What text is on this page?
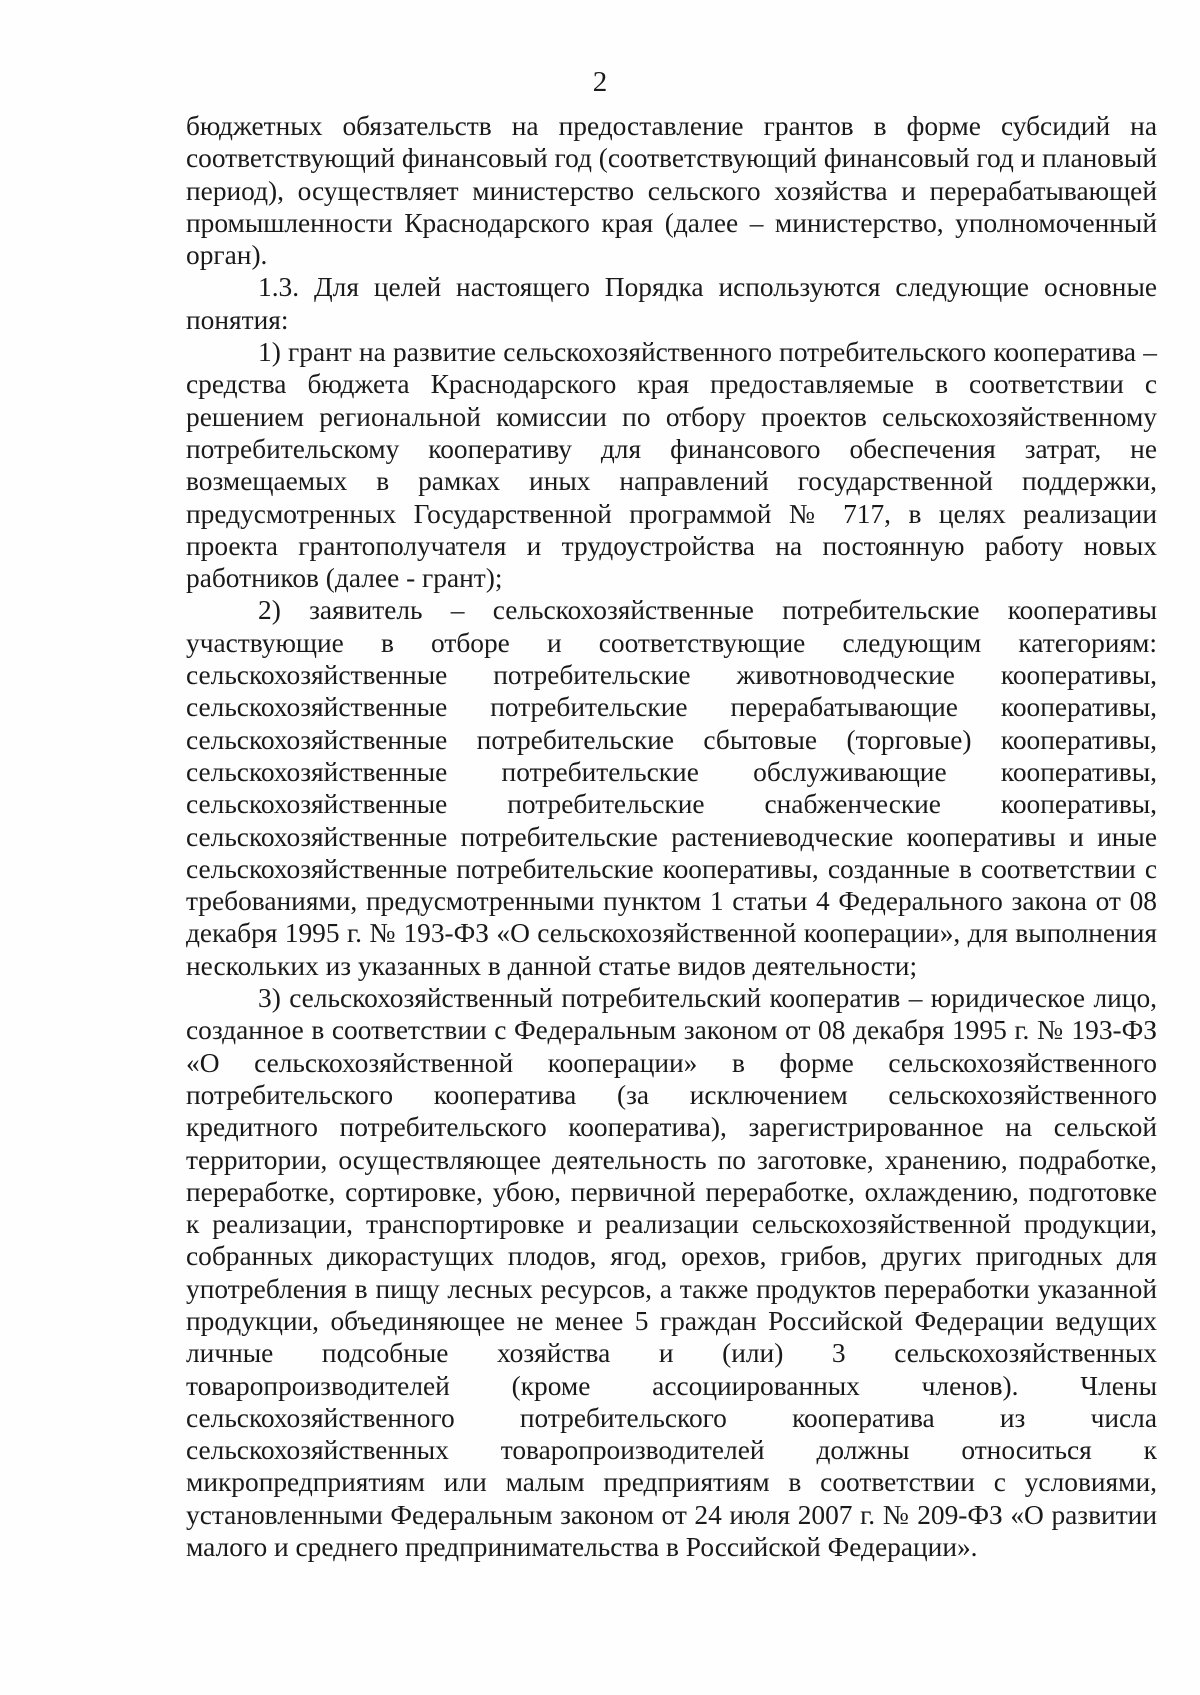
2

бюджетных обязательств на предоставление грантов в форме субсидий на соответствующий финансовый год (соответствующий финансовый год и плановый период), осуществляет министерство сельского хозяйства и перерабатывающей промышленности Краснодарского края (далее – министерство, уполномоченный орган).

1.3. Для целей настоящего Порядка используются следующие основные понятия:

1) грант на развитие сельскохозяйственного потребительского кооператива – средства бюджета Краснодарского края предоставляемые в соответствии с решением региональной комиссии по отбору проектов сельскохозяйственному потребительскому кооперативу для финансового обеспечения затрат, не возмещаемых в рамках иных направлений государственной поддержки, предусмотренных Государственной программой № 717, в целях реализации проекта грантополучателя и трудоустройства на постоянную работу новых работников (далее - грант);

2) заявитель – сельскохозяйственные потребительские кооперативы участвующие в отборе и соответствующие следующим категориям: сельскохозяйственные потребительские животноводческие кооперативы, сельскохозяйственные потребительские перерабатывающие кооперативы, сельскохозяйственные потребительские сбытовые (торговые) кооперативы, сельскохозяйственные потребительские обслуживающие кооперативы, сельскохозяйственные потребительские снабженческие кооперативы, сельскохозяйственные потребительские растениеводческие кооперативы и иные сельскохозяйственные потребительские кооперативы, созданные в соответствии с требованиями, предусмотренными пунктом 1 статьи 4 Федерального закона от 08 декабря 1995 г. № 193-ФЗ «О сельскохозяйственной кооперации», для выполнения нескольких из указанных в данной статье видов деятельности;

3) сельскохозяйственный потребительский кооператив – юридическое лицо, созданное в соответствии с Федеральным законом от 08 декабря 1995 г. № 193-ФЗ «О сельскохозяйственной кооперации» в форме сельскохозяйственного потребительского кооператива (за исключением сельскохозяйственного кредитного потребительского кооператива), зарегистрированное на сельской территории, осуществляющее деятельность по заготовке, хранению, подработке, переработке, сортировке, убою, первичной переработке, охлаждению, подготовке к реализации, транспортировке и реализации сельскохозяйственной продукции, собранных дикорастущих плодов, ягод, орехов, грибов, других пригодных для употребления в пищу лесных ресурсов, а также продуктов переработки указанной продукции, объединяющее не менее 5 граждан Российской Федерации ведущих личные подсобные хозяйства и (или) 3 сельскохозяйственных товаропроизводителей (кроме ассоциированных членов). Члены сельскохозяйственного потребительского кооператива из числа сельскохозяйственных товаропроизводителей должны относиться к микропредприятиям или малым предприятиям в соответствии с условиями, установленными Федеральным законом от 24 июля 2007 г. № 209-ФЗ «О развитии малого и среднего предпринимательства в Российской Федерации».
